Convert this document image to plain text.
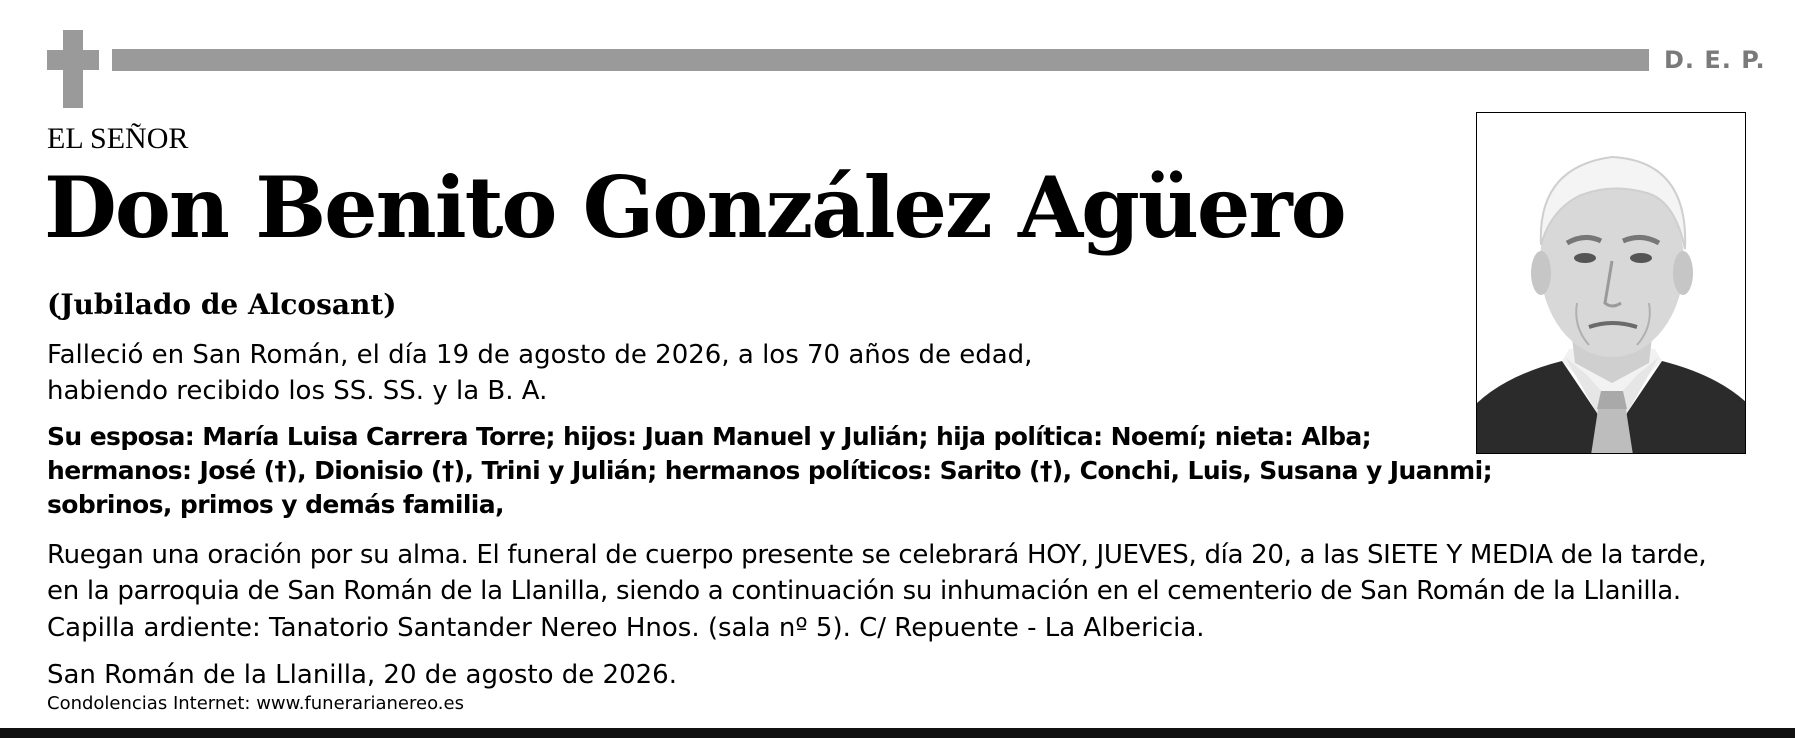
D. E. P.
EL SEÑOR
Don Benito González Agüero
(Jubilado de Alcosant)
Falleció en San Román, el día 19 de agosto de 2026, a los 70 años de edad,
habiendo recibido los SS. SS. y la B. A.
Su esposa: María Luisa Carrera Torre; hijos: Juan Manuel y Julián; hija política: Noemí; nieta: Alba;
hermanos: José (†), Dionisio (†), Trini y Julián; hermanos políticos: Sarito (†), Conchi, Luis, Susana y Juanmi;
sobrinos, primos y demás familia,
Ruegan una oración por su alma. El funeral de cuerpo presente se celebrará HOY, JUEVES, día 20, a las SIETE Y MEDIA de la tarde,
en la parroquia de San Román de la Llanilla, siendo a continuación su inhumación en el cementerio de San Román de la Llanilla.
Capilla ardiente: Tanatorio Santander Nereo Hnos. (sala nº 5). C/ Repuente - La Albericia.
San Román de la Llanilla, 20 de agosto de 2026.
Condolencias Internet: www.funerarianereo.es
